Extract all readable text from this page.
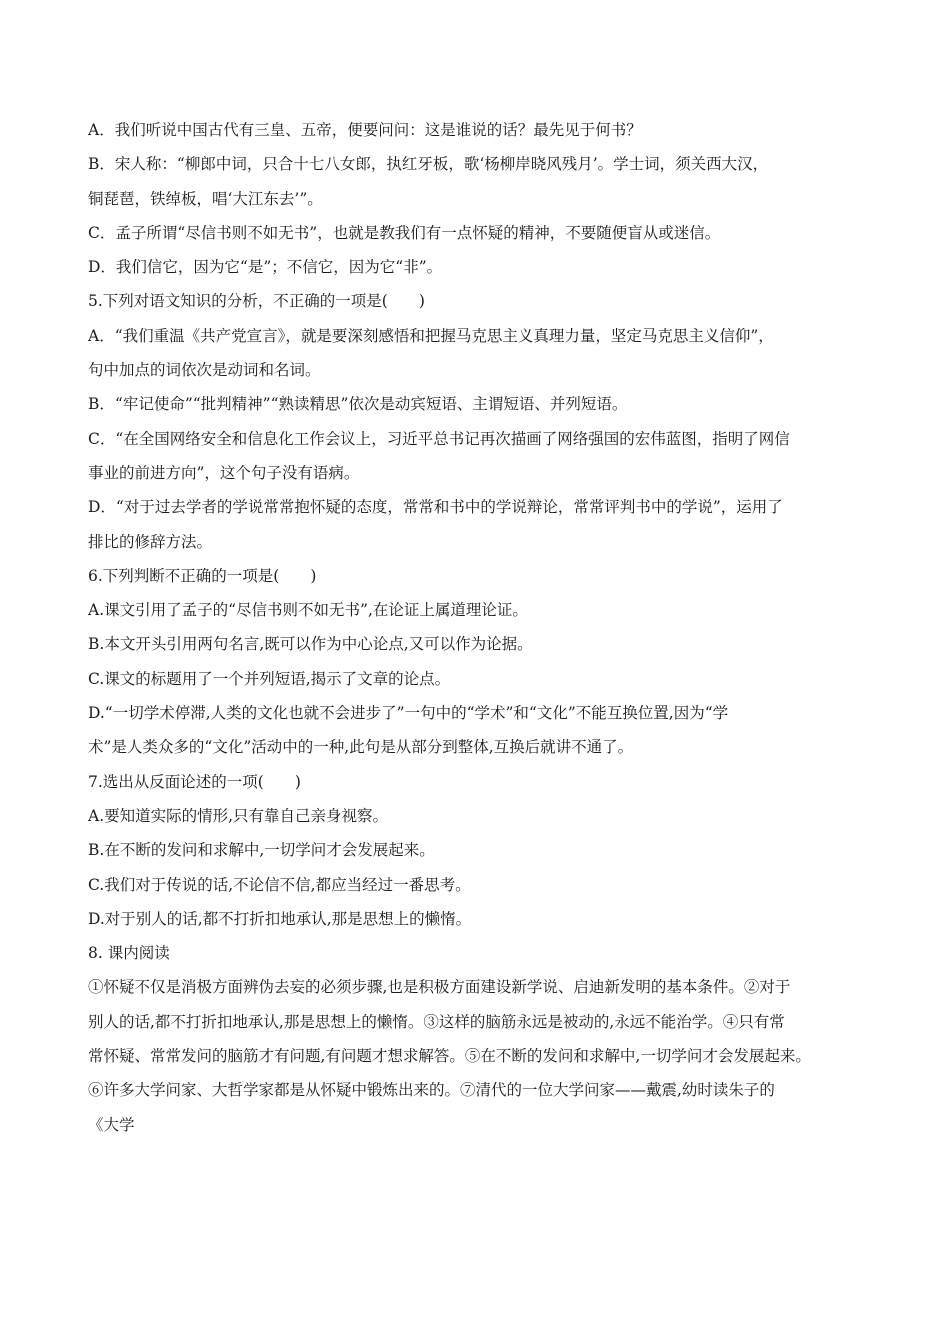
A．我们听说中国古代有三皇、五帝，便要问问：这是谁说的话？最先见于何书？
B．宋人称：“柳郎中词，只合十七八女郎，执红牙板，歌‘杨柳岸晓风残月’。学士词，须关西大汉，
铜琵琶，铁绰板，唱‘大江东去’”。
C．孟子所谓“尽信书则不如无书”，也就是教我们有一点怀疑的精神，不要随便盲从或迷信。
D．我们信它，因为它“是”；不信它，因为它“非”。
5.下列对语文知识的分析，不正确的一项是(　　)
A．“我们重温《共产党宣言》，就是要深刻感悟和把握马克思主义真理力量，坚定马克思主义信仰”，
句中加点的词依次是动词和名词。
B．“牢记使命”“批判精神”“熟读精思”依次是动宾短语、主谓短语、并列短语。
C．“在全国网络安全和信息化工作会议上，习近平总书记再次描画了网络强国的宏伟蓝图，指明了网信
事业的前进方向”，这个句子没有语病。
D．“对于过去学者的学说常常抱怀疑的态度，常常和书中的学说辩论，常常评判书中的学说”，运用了
排比的修辞方法。
6.下列判断不正确的一项是(　　)
A.课文引用了孟子的“尽信书则不如无书”,在论证上属道理论证。
B.本文开头引用两句名言,既可以作为中心论点,又可以作为论据。
C.课文的标题用了一个并列短语,揭示了文章的论点。
D.“一切学术停滞,人类的文化也就不会进步了”一句中的“学术”和“文化”不能互换位置,因为“学
术”是人类众多的“文化”活动中的一种,此句是从部分到整体,互换后就讲不通了。
7.选出从反面论述的一项(　　)
A.要知道实际的情形,只有靠自己亲身视察。
B.在不断的发问和求解中,一切学问才会发展起来。
C.我们对于传说的话,不论信不信,都应当经过一番思考。
D.对于别人的话,都不打折扣地承认,那是思想上的懒惰。
8. 课内阅读
①怀疑不仅是消极方面辨伪去妄的必须步骤,也是积极方面建设新学说、启迪新发明的基本条件。②对于
别人的话,都不打折扣地承认,那是思想上的懒惰。③这样的脑筋永远是被动的,永远不能治学。④只有常
常怀疑、常常发问的脑筋才有问题,有问题才想求解答。⑤在不断的发问和求解中,一切学问才会发展起来。
⑥许多大学问家、大哲学家都是从怀疑中锻炼出来的。⑦清代的一位大学问家——戴震,幼时读朱子的
《大学
